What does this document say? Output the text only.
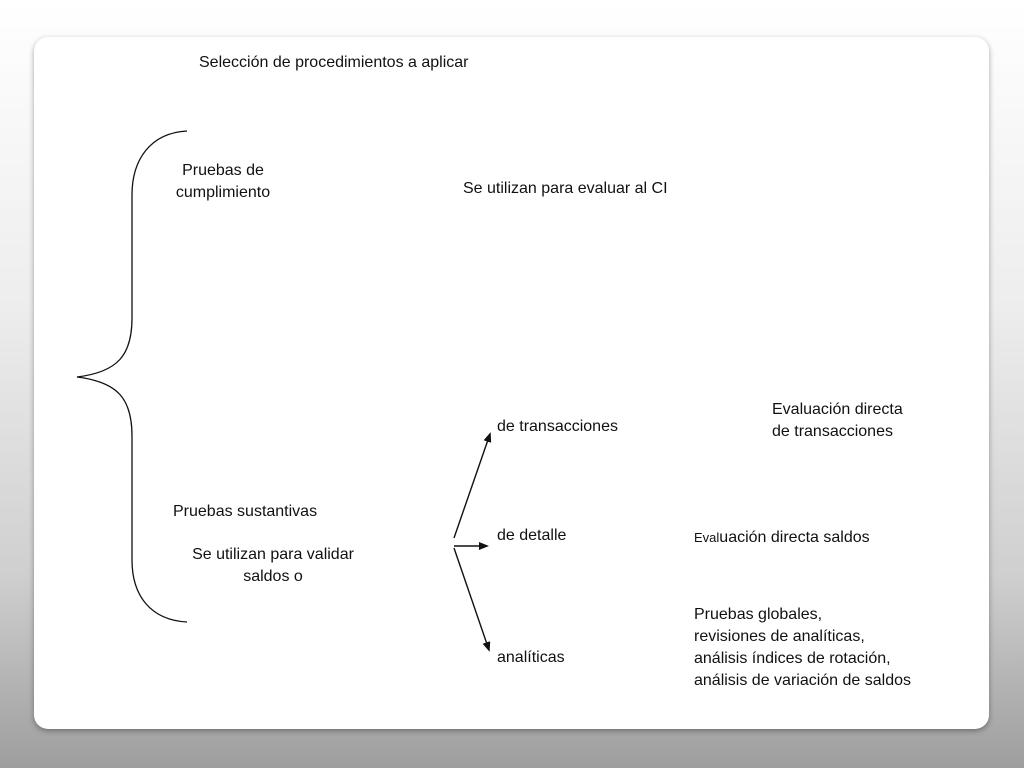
Selección de procedimientos a aplicar
Pruebas de
cumplimiento	Se utilizan para evaluar al CI
Pruebas sustantivas
Se utilizan para validar
saldos o
de transacciones
de detalle
analíticas
Evaluación directa
de transacciones
Evaluación directa saldos
Pruebas globales,
revisiones de analíticas,
análisis índices de rotación,
análisis de variación de saldos
